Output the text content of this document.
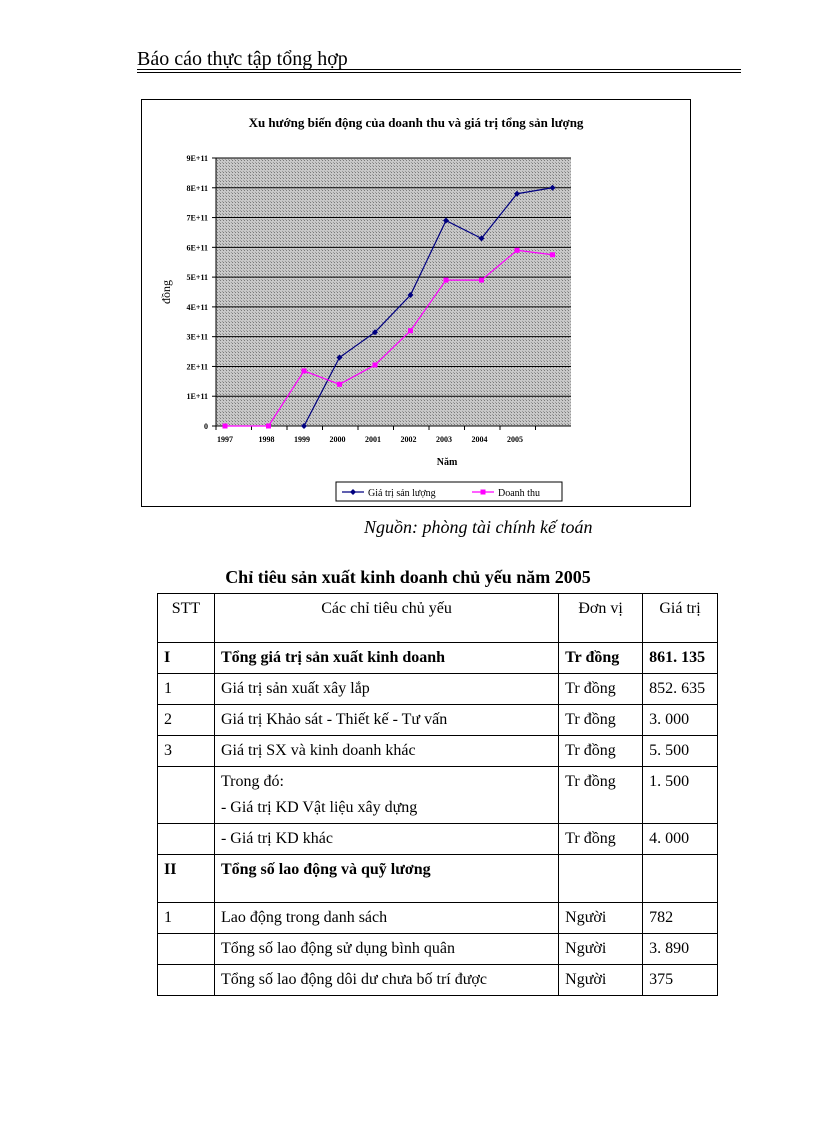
Báo cáo thực tập tổng hợp
Xu hướng biến động của doanh thu và giá trị tổng sản lượng
0
1E+11
2E+11
3E+11
4E+11
5E+11
6E+11
7E+11
8E+11
9E+11
1997	1998 1999 2000 2001 2002 2003 2004 2005
Năm
đồng
Giá trị sản lượng	Doanh thu
Nguồn: phòng tài chính kế toán
Chỉ tiêu sản xuất kinh doanh chủ yếu năm 2005
STT	Các chỉ tiêu chủ yếu	Đơn vị	Giá trị
I	Tổng giá trị sản xuất kinh doanh	Tr đồng	861. 135
1	Giá trị sản xuất xây lắp	Tr đồng	852. 635
2	Giá trị Khảo sát - Thiết kế - Tư vấn	Tr đồng	3. 000
3	Giá trị SX và kinh doanh khác	Tr đồng	5. 500

	Trong đó:
- Giá trị KD Vật liệu xây dựng	Tr đồng	1. 500
	- Giá trị KD khác	Tr đồng	4. 000
II	Tổng số lao động và quỹ lương		
1	Lao động trong danh sách	Người	782
	Tổng số lao động sử dụng bình quân	Người	3. 890
	Tổng số lao động dôi dư chưa bố trí được	Người	375
